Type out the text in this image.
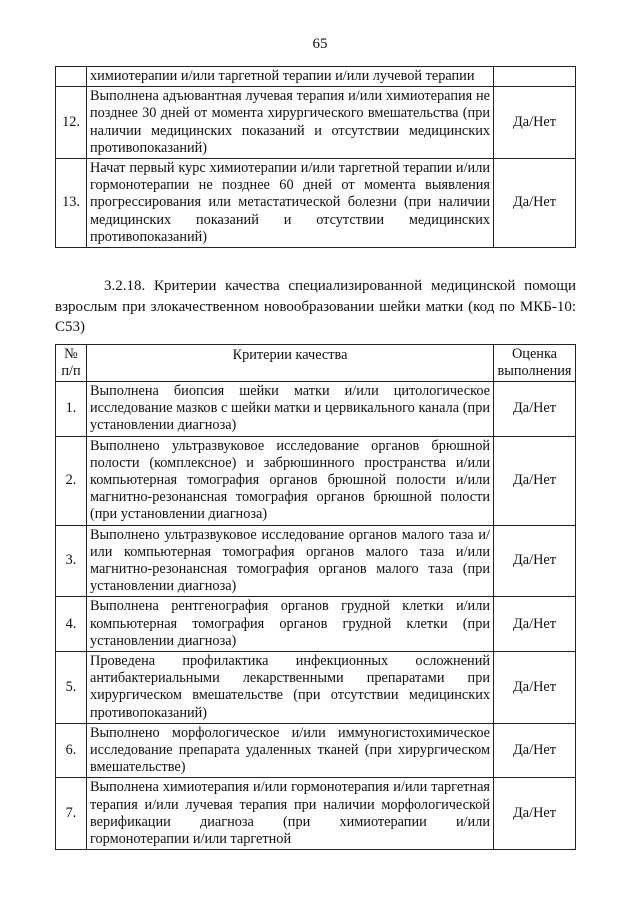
65
	химиотерапии и/или таргетной терапии и/или лучевой терапии	
12.	Выполнена адъювантная лучевая терапия и/или химиотерапия не позднее 30 дней от момента хирургического вмешательства (при наличии медицинских показаний и отсутствии медицинских противопоказаний)	Да/Нет
13.	Начат первый курс химиотерапии и/или таргетной терапии и/или гормонотерапии не позднее 60 дней от момента выявления прогрессирования или метастатической болезни (при наличии медицинских показаний и отсутствии медицинских противопоказаний)	Да/Нет
3.2.18. Критерии качества специализированной медицинской помощи взрослым при злокачественном новообразовании шейки матки (код по МКБ-10: C53)
№ п/п	Критерии качества	Оценка выполнения
1.	Выполнена биопсия шейки матки и/или цитологическое исследование мазков с шейки матки и цервикального канала (при установлении диагноза)	Да/Нет
2.	Выполнено ультразвуковое исследование органов брюшной полости (комплексное) и забрюшинного пространства и/или компьютерная томография органов брюшной полости и/или магнитно-резонансная томография органов брюшной полости (при установлении диагноза)	Да/Нет
3.	Выполнено ультразвуковое исследование органов малого таза и/или компьютерная томография органов малого таза и/или магнитно-резонансная томография органов малого таза (при установлении диагноза)	Да/Нет
4.	Выполнена рентгенография органов грудной клетки и/или компьютерная томография органов грудной клетки (при установлении диагноза)	Да/Нет
5.	Проведена профилактика инфекционных осложнений антибактериальными лекарственными препаратами при хирургическом вмешательстве (при отсутствии медицинских противопоказаний)	Да/Нет
6.	Выполнено морфологическое и/или иммуногистохимическое исследование препарата удаленных тканей (при хирургическом вмешательстве)	Да/Нет
7.	Выполнена химиотерапия и/или гормонотерапия и/или таргетная терапия и/или лучевая терапия при наличии морфологической верификации диагноза (при химиотерапии и/или гормонотерапии и/или таргетной	Да/Нет
